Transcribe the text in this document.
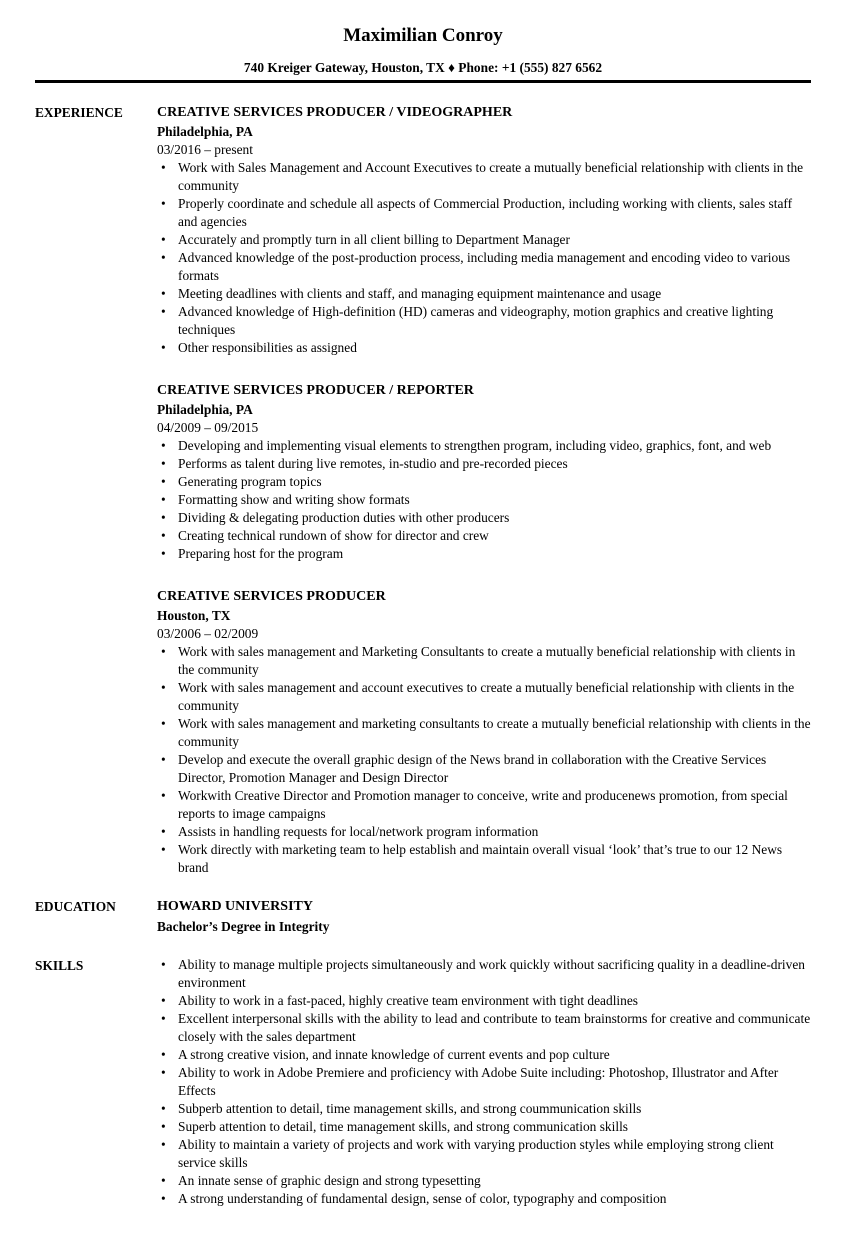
Maximilian Conroy
740 Kreiger Gateway, Houston, TX ♦ Phone: +1 (555) 827 6562
EXPERIENCE	CREATIVE SERVICES PRODUCER / VIDEOGRAPHER
Philadelphia, PA
03/2016 – present
• Work with Sales Management and Account Executives to create a mutually beneficial relationship with clients in the community
• Properly coordinate and schedule all aspects of Commercial Production, including working with clients, sales staff and agencies
• Accurately and promptly turn in all client billing to Department Manager
• Advanced knowledge of the post-production process, including media management and encoding video to various formats
• Meeting deadlines with clients and staff, and managing equipment maintenance and usage
• Advanced knowledge of High-definition (HD) cameras and videography, motion graphics and creative lighting techniques
• Other responsibilities as assigned
CREATIVE SERVICES PRODUCER / REPORTER
Philadelphia, PA
04/2009 – 09/2015
• Developing and implementing visual elements to strengthen program, including video, graphics, font, and web
• Performs as talent during live remotes, in-studio and pre-recorded pieces
• Generating program topics
• Formatting show and writing show formats
• Dividing & delegating production duties with other producers
• Creating technical rundown of show for director and crew
• Preparing host for the program
CREATIVE SERVICES PRODUCER
Houston, TX
03/2006 – 02/2009
• Work with sales management and Marketing Consultants to create a mutually beneficial relationship with clients in the community
• Work with sales management and account executives to create a mutually beneficial relationship with clients in the community
• Work with sales management and marketing consultants to create a mutually beneficial relationship with clients in the community
• Develop and execute the overall graphic design of the News brand in collaboration with the Creative Services Director, Promotion Manager and Design Director
• Workwith Creative Director and Promotion manager to conceive, write and producenews promotion, from special reports to image campaigns
• Assists in handling requests for local/network program information
• Work directly with marketing team to help establish and maintain overall visual ‘look’ that’s true to our 12 News brand
EDUCATION	HOWARD UNIVERSITY
Bachelor’s Degree in Integrity
SKILLS	• Ability to manage multiple projects simultaneously and work quickly without sacrificing quality in a deadline-driven environment
• Ability to work in a fast-paced, highly creative team environment with tight deadlines
• Excellent interpersonal skills with the ability to lead and contribute to team brainstorms for creative and communicate closely with the sales department
• A strong creative vision, and innate knowledge of current events and pop culture
• Ability to work in Adobe Premiere and proficiency with Adobe Suite including: Photoshop, Illustrator and After Effects
• Subperb attention to detail, time management skills, and strong coummunication skills
• Superb attention to detail, time management skills, and strong communication skills
• Ability to maintain a variety of projects and work with varying production styles while employing strong client service skills
• An innate sense of graphic design and strong typesetting
• A strong understanding of fundamental design, sense of color, typography and composition
